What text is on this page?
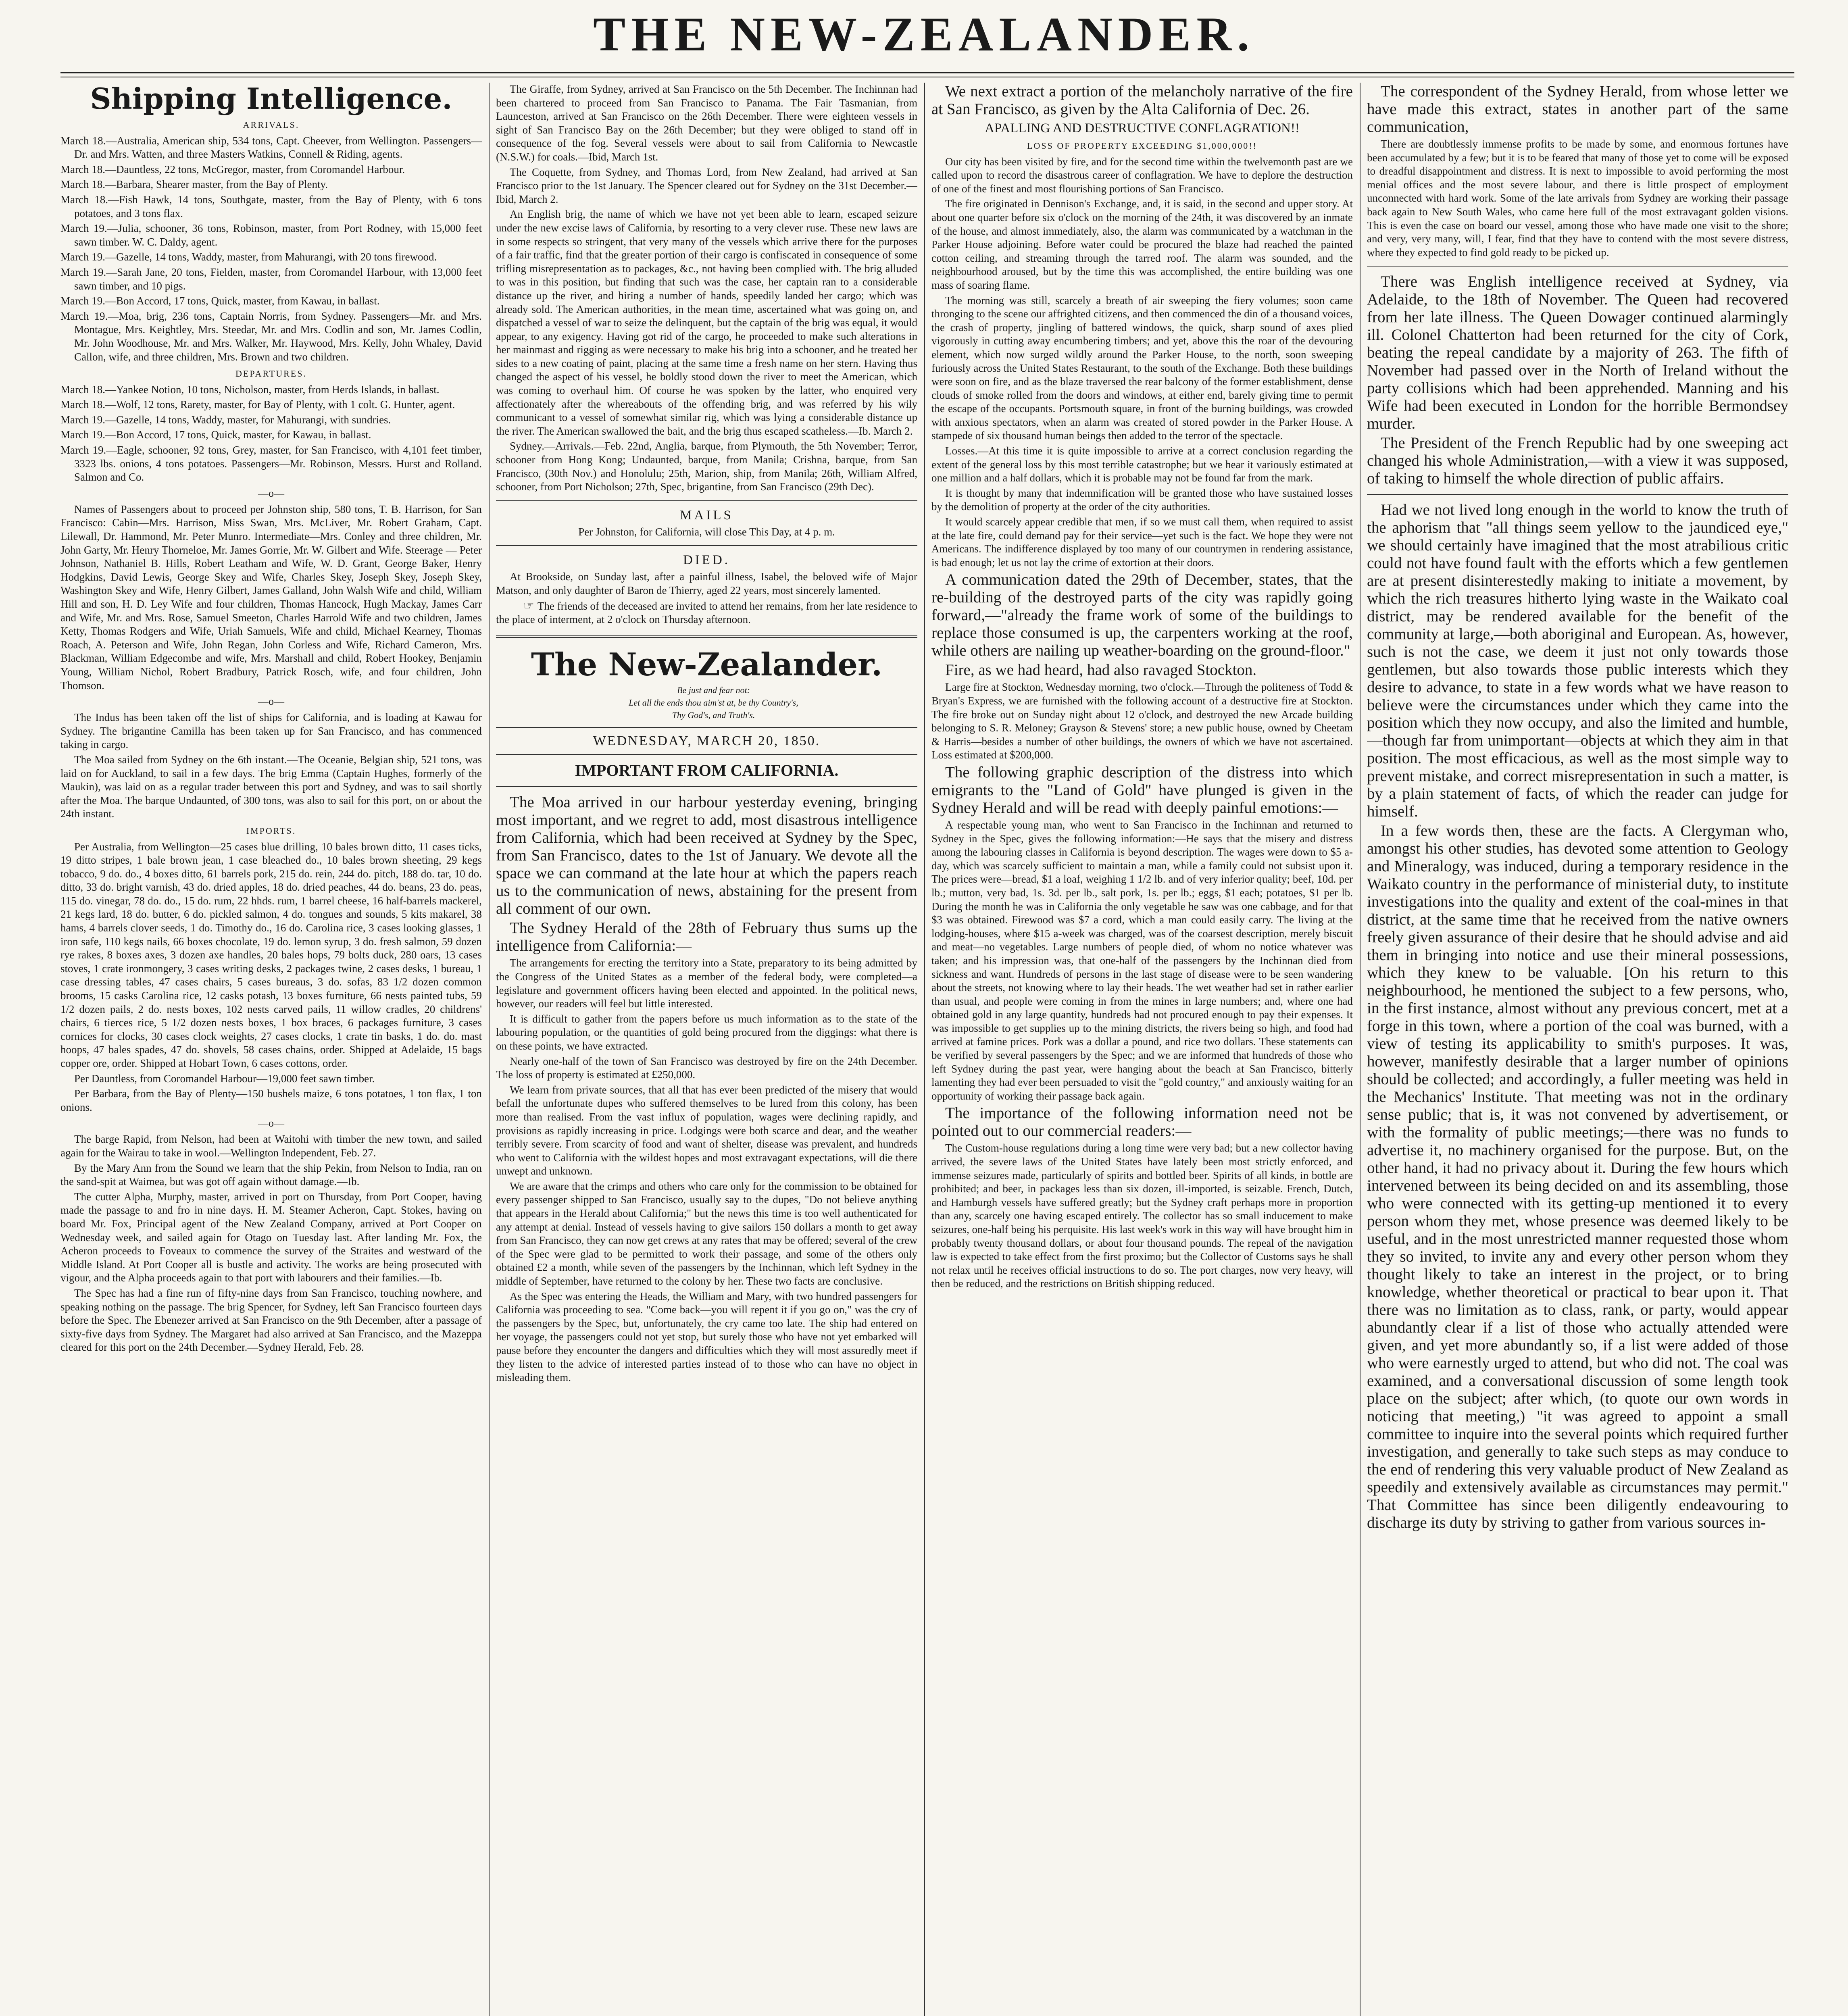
THE NEW-ZEALANDER.
Shipping Intelligence.
ARRIVALS.

March 18.—Australia, American ship, 534 tons, Capt. Cheever, from Wellington. Passengers—Dr. and Mrs. Watten, and three Masters Watkins, Connell & Riding, agents.

March 18.—Dauntless, 22 tons, McGregor, master, from Coromandel Harbour.

March 18.—Barbara, Shearer master, from the Bay of Plenty.

March 18.—Fish Hawk, 14 tons, Southgate, master, from the Bay of Plenty, with 6 tons potatoes, and 3 tons flax.

March 19.—Julia, schooner, 36 tons, Robinson, master, from Port Rodney, with 15,000 feet sawn timber. W. C. Daldy, agent.

March 19.—Gazelle, 14 tons, Waddy, master, from Mahurangi, with 20 tons firewood.

March 19.—Sarah Jane, 20 tons, Fielden, master, from Coromandel Harbour, with 13,000 feet sawn timber, and 10 pigs.

March 19.—Bon Accord, 17 tons, Quick, master, from Kawau, in ballast.

March 19.—Moa, brig, 236 tons, Captain Norris, from Sydney. Passengers—Mr. and Mrs. Montague, Mrs. Keightley, Mrs. Steedar, Mr. and Mrs. Codlin and son, Mr. James Codlin, Mr. John Woodhouse, Mr. and Mrs. Walker, Mr. Haywood, Mrs. Kelly, John Whaley, David Callon, wife, and three children, Mrs. Brown and two children.

DEPARTURES.

March 18.—Yankee Notion, 10 tons, Nicholson, master, from Herds Islands, in ballast.

March 18.—Wolf, 12 tons, Rarety, master, for Bay of Plenty, with 1 colt. G. Hunter, agent.

March 19.—Gazelle, 14 tons, Waddy, master, for Mahurangi, with sundries.

March 19.—Bon Accord, 17 tons, Quick, master, for Kawau, in ballast.

March 19.—Eagle, schooner, 92 tons, Grey, master, for San Francisco, with 4,101 feet timber, 3323 lbs. onions, 4 tons potatoes. Passengers—Mr. Robinson, Messrs. Hurst and Rolland. Salmon and Co.

—o—

Names of Passengers about to proceed per Johnston ship, 580 tons, T. B. Harrison, for San Francisco: Cabin—Mrs. Harrison, Miss Swan, Mrs. McLiver, Mr. Robert Graham, Capt. Lilewall, Dr. Hammond, Mr. Peter Munro. Intermediate—Mrs. Conley and three children, Mr. John Garty, Mr. Henry Thorneloe, Mr. James Gorrie, Mr. W. Gilbert and Wife. Steerage — Peter Johnson, Nathaniel B. Hills, Robert Leatham and Wife, W. D. Grant, George Baker, Henry Hodgkins, David Lewis, George Skey and Wife, Charles Skey, Joseph Skey, Joseph Skey, Washington Skey and Wife, Henry Gilbert, James Galland, John Walsh Wife and child, William Hill and son, H. D. Ley Wife and four children, Thomas Hancock, Hugh Mackay, James Carr and Wife, Mr. and Mrs. Rose, Samuel Smeeton, Charles Harrold Wife and two children, James Ketty, Thomas Rodgers and Wife, Uriah Samuels, Wife and child, Michael Kearney, Thomas Roach, A. Peterson and Wife, John Regan, John Corless and Wife, Richard Cameron, Mrs. Blackman, William Edgecombe and wife, Mrs. Marshall and child, Robert Hookey, Benjamin Young, William Nichol, Robert Bradbury, Patrick Rosch, wife, and four children, John Thomson.

—o—

The Indus has been taken off the list of ships for California, and is loading at Kawau for Sydney. The brigantine Camilla has been taken up for San Francisco, and has commenced taking in cargo.

The Moa sailed from Sydney on the 6th instant.—The Oceanie, Belgian ship, 521 tons, was laid on for Auckland, to sail in a few days. The brig Emma (Captain Hughes, formerly of the Maukin), was laid on as a regular trader between this port and Sydney, and was to sail shortly after the Moa. The barque Undaunted, of 300 tons, was also to sail for this port, on or about the 24th instant.

IMPORTS.

Per Australia, from Wellington—25 cases blue drilling, 10 bales brown ditto, 11 cases ticks, 19 ditto stripes, 1 bale brown jean, 1 case bleached do., 10 bales brown sheeting, 29 kegs tobacco, 9 do. do., 4 boxes ditto, 61 barrels pork, 215 do. rein, 244 do. pitch, 188 do. tar, 10 do. ditto, 33 do. bright varnish, 43 do. dried apples, 18 do. dried peaches, 44 do. beans, 23 do. peas, 115 do. vinegar, 78 do. do., 15 do. rum, 22 hhds. rum, 1 barrel cheese, 16 half-barrels mackerel, 21 kegs lard, 18 do. butter, 6 do. pickled salmon, 4 do. tongues and sounds, 5 kits makarel, 38 hams, 4 barrels clover seeds, 1 do. Timothy do., 16 do. Carolina rice, 3 cases looking glasses, 1 iron safe, 110 kegs nails, 66 boxes chocolate, 19 do. lemon syrup, 3 do. fresh salmon, 59 dozen rye rakes, 8 boxes axes, 3 dozen axe handles, 20 bales hops, 79 bolts duck, 280 oars, 13 cases stoves, 1 crate ironmongery, 3 cases writing desks, 2 packages twine, 2 cases desks, 1 bureau, 1 case dressing tables, 47 cases chairs, 5 cases bureaus, 3 do. sofas, 83 1/2 dozen common brooms, 15 casks Carolina rice, 12 casks potash, 13 boxes furniture, 66 nests painted tubs, 59 1/2 dozen pails, 2 do. nests boxes, 102 nests carved pails, 11 willow cradles, 20 childrens' chairs, 6 tierces rice, 5 1/2 dozen nests boxes, 1 box braces, 6 packages furniture, 3 cases cornices for clocks, 30 cases clock weights, 27 cases clocks, 1 crate tin basks, 1 do. do. mast hoops, 47 bales spades, 47 do. shovels, 58 cases chains, order. Shipped at Adelaide, 15 bags copper ore, order. Shipped at Hobart Town, 6 cases cottons, order.

Per Dauntless, from Coromandel Harbour—19,000 feet sawn timber.

Per Barbara, from the Bay of Plenty—150 bushels maize, 6 tons potatoes, 1 ton flax, 1 ton onions.

—o—

The barge Rapid, from Nelson, had been at Waitohi with timber the new town, and sailed again for the Wairau to take in wool.—Wellington Independent, Feb. 27.

By the Mary Ann from the Sound we learn that the ship Pekin, from Nelson to India, ran on the sand-spit at Waimea, but was got off again without damage.—Ib.

The cutter Alpha, Murphy, master, arrived in port on Thursday, from Port Cooper, having made the passage to and fro in nine days. H. M. Steamer Acheron, Capt. Stokes, having on board Mr. Fox, Principal agent of the New Zealand Company, arrived at Port Cooper on Wednesday week, and sailed again for Otago on Tuesday last. After landing Mr. Fox, the Acheron proceeds to Foveaux to commence the survey of the Straites and westward of the Middle Island. At Port Cooper all is bustle and activity. The works are being prosecuted with vigour, and the Alpha proceeds again to that port with labourers and their families.—Ib.

The Spec has had a fine run of fifty-nine days from San Francisco, touching nowhere, and speaking nothing on the passage. The brig Spencer, for Sydney, left San Francisco fourteen days before the Spec. The Ebenezer arrived at San Francisco on the 9th December, after a passage of sixty-five days from Sydney. The Margaret had also arrived at San Francisco, and the Mazeppa cleared for this port on the 24th December.—Sydney Herald, Feb. 28.

The Giraffe, from Sydney, arrived at San Francisco on the 5th December. The Inchinnan had been chartered to proceed from San Francisco to Panama. The Fair Tasmanian, from Launceston, arrived at San Francisco on the 26th December. There were eighteen vessels in sight of San Francisco Bay on the 26th December; but they were obliged to stand off in consequence of the fog. Several vessels were about to sail from California to Newcastle (N.S.W.) for coals.—Ibid, March 1st.

The Coquette, from Sydney, and Thomas Lord, from New Zealand, had arrived at San Francisco prior to the 1st January. The Spencer cleared out for Sydney on the 31st December.—Ibid, March 2.

An English brig, the name of which we have not yet been able to learn, escaped seizure under the new excise laws of California, by resorting to a very clever ruse. These new laws are in some respects so stringent, that very many of the vessels which arrive there for the purposes of a fair traffic, find that the greater portion of their cargo is confiscated in consequence of some trifling misrepresentation as to packages, &c., not having been complied with. The brig alluded to was in this position, but finding that such was the case, her captain ran to a considerable distance up the river, and hiring a number of hands, speedily landed her cargo; which was already sold. The American authorities, in the mean time, ascertained what was going on, and dispatched a vessel of war to seize the delinquent, but the captain of the brig was equal, it would appear, to any exigency. Having got rid of the cargo, he proceeded to make such alterations in her mainmast and rigging as were necessary to make his brig into a schooner, and he treated her sides to a new coating of paint, placing at the same time a fresh name on her stern. Having thus changed the aspect of his vessel, he boldly stood down the river to meet the American, which was coming to overhaul him. Of course he was spoken by the latter, who enquired very affectionately after the whereabouts of the offending brig, and was referred by his wily communicant to a vessel of somewhat similar rig, which was lying a considerable distance up the river. The American swallowed the bait, and the brig thus escaped scatheless.—Ib. March 2.

Sydney.—Arrivals.—Feb. 22nd, Anglia, barque, from Plymouth, the 5th November; Terror, schooner from Hong Kong; Undaunted, barque, from Manila; Crishna, barque, from San Francisco, (30th Nov.) and Honolulu; 25th, Marion, ship, from Manila; 26th, William Alfred, schooner, from Port Nicholson; 27th, Spec, brigantine, from San Francisco (29th Dec).

MAILS

Per Johnston, for California, will close This Day, at 4 p. m.

DIED.

At Brookside, on Sunday last, after a painful illness, Isabel, the beloved wife of Major Matson, and only daughter of Baron de Thierry, aged 22 years, most sincerely lamented.

☞ The friends of the deceased are invited to attend her remains, from her late residence to the place of interment, at 2 o'clock on Thursday afternoon.

The New-Zealander.

Be just and fear not:

Let all the ends thou aim'st at, be thy Country's,

Thy God's, and Truth's.

WEDNESDAY, MARCH 20, 1850.
IMPORTANT FROM CALIFORNIA.

The Moa arrived in our harbour yesterday evening, bringing most important, and we regret to add, most disastrous intelligence from California, which had been received at Sydney by the Spec, from San Francisco, dates to the 1st of January. We devote all the space we can command at the late hour at which the papers reach us to the communication of news, abstaining for the present from all comment of our own.

The Sydney Herald of the 28th of February thus sums up the intelligence from California:—

The arrangements for erecting the territory into a State, preparatory to its being admitted by the Congress of the United States as a member of the federal body, were completed—a legislature and government officers having been elected and appointed. In the political news, however, our readers will feel but little interested.

It is difficult to gather from the papers before us much information as to the state of the labouring population, or the quantities of gold being procured from the diggings: what there is on these points, we have extracted.

Nearly one-half of the town of San Francisco was destroyed by fire on the 24th December. The loss of property is estimated at £250,000.

We learn from private sources, that all that has ever been predicted of the misery that would befall the unfortunate dupes who suffered themselves to be lured from this colony, has been more than realised. From the vast influx of population, wages were declining rapidly, and provisions as rapidly increasing in price. Lodgings were both scarce and dear, and the weather terribly severe. From scarcity of food and want of shelter, disease was prevalent, and hundreds who went to California with the wildest hopes and most extravagant expectations, will die there unwept and unknown.

We are aware that the crimps and others who care only for the commission to be obtained for every passenger shipped to San Francisco, usually say to the dupes, "Do not believe anything that appears in the Herald about California;" but the news this time is too well authenticated for any attempt at denial. Instead of vessels having to give sailors 150 dollars a month to get away from San Francisco, they can now get crews at any rates that may be offered; several of the crew of the Spec were glad to be permitted to work their passage, and some of the others only obtained £2 a month, while seven of the passengers by the Inchinnan, which left Sydney in the middle of September, have returned to the colony by her. These two facts are conclusive.

As the Spec was entering the Heads, the William and Mary, with two hundred passengers for California was proceeding to sea. "Come back—you will repent it if you go on," was the cry of the passengers by the Spec, but, unfortunately, the cry came too late. The ship had entered on her voyage, the passengers could not yet stop, but surely those who have not yet embarked will pause before they encounter the dangers and difficulties which they will most assuredly meet if they listen to the advice of interested parties instead of to those who can have no object in misleading them.

We next extract a portion of the melancholy narrative of the fire at San Francisco, as given by the Alta California of Dec. 26.

APALLING AND DESTRUCTIVE CONFLAGRATION!!
LOSS OF PROPERTY EXCEEDING $1,000,000!!

Our city has been visited by fire, and for the second time within the twelvemonth past are we called upon to record the disastrous career of conflagration. We have to deplore the destruction of one of the finest and most flourishing portions of San Francisco.

The fire originated in Dennison's Exchange, and, it is said, in the second and upper story. At about one quarter before six o'clock on the morning of the 24th, it was discovered by an inmate of the house, and almost immediately, also, the alarm was communicated by a watchman in the Parker House adjoining. Before water could be procured the blaze had reached the painted cotton ceiling, and streaming through the tarred roof. The alarm was sounded, and the neighbourhood aroused, but by the time this was accomplished, the entire building was one mass of soaring flame.

The morning was still, scarcely a breath of air sweeping the fiery volumes; soon came thronging to the scene our affrighted citizens, and then commenced the din of a thousand voices, the crash of property, jingling of battered windows, the quick, sharp sound of axes plied vigorously in cutting away encumbering timbers; and yet, above this the roar of the devouring element, which now surged wildly around the Parker House, to the north, soon sweeping furiously across the United States Restaurant, to the south of the Exchange. Both these buildings were soon on fire, and as the blaze traversed the rear balcony of the former establishment, dense clouds of smoke rolled from the doors and windows, at either end, barely giving time to permit the escape of the occupants. Portsmouth square, in front of the burning buildings, was crowded with anxious spectators, when an alarm was created of stored powder in the Parker House. A stampede of six thousand human beings then added to the terror of the spectacle.

Losses.—At this time it is quite impossible to arrive at a correct conclusion regarding the extent of the general loss by this most terrible catastrophe; but we hear it variously estimated at one million and a half dollars, which it is probable may not be found far from the mark.

It is thought by many that indemnification will be granted those who have sustained losses by the demolition of property at the order of the city authorities.

It would scarcely appear credible that men, if so we must call them, when required to assist at the late fire, could demand pay for their service—yet such is the fact. We hope they were not Americans. The indifference displayed by too many of our countrymen in rendering assistance, is bad enough; let us not lay the crime of extortion at their doors.

A communication dated the 29th of December, states, that the re-building of the destroyed parts of the city was rapidly going forward,—"already the frame work of some of the buildings to replace those consumed is up, the carpenters working at the roof, while others are nailing up weather-boarding on the ground-floor."

Fire, as we had heard, had also ravaged Stockton.

Large fire at Stockton, Wednesday morning, two o'clock.—Through the politeness of Todd & Bryan's Express, we are furnished with the following account of a destructive fire at Stockton. The fire broke out on Sunday night about 12 o'clock, and destroyed the new Arcade building belonging to S. R. Meloney; Grayson & Stevens' store; a new public house, owned by Cheetam & Harris—besides a number of other buildings, the owners of which we have not ascertained. Loss estimated at $200,000.

The following graphic description of the distress into which emigrants to the "Land of Gold" have plunged is given in the Sydney Herald and will be read with deeply painful emotions:—

A respectable young man, who went to San Francisco in the Inchinnan and returned to Sydney in the Spec, gives the following information:—He says that the misery and distress among the labouring classes in California is beyond description. The wages were down to $5 a-day, which was scarcely sufficient to maintain a man, while a family could not subsist upon it. The prices were—bread, $1 a loaf, weighing 1 1/2 lb. and of very inferior quality; beef, 10d. per lb.; mutton, very bad, 1s. 3d. per lb., salt pork, 1s. per lb.; eggs, $1 each; potatoes, $1 per lb. During the month he was in California the only vegetable he saw was one cabbage, and for that $3 was obtained. Firewood was $7 a cord, which a man could easily carry. The living at the lodging-houses, where $15 a-week was charged, was of the coarsest description, merely biscuit and meat—no vegetables. Large numbers of people died, of whom no notice whatever was taken; and his impression was, that one-half of the passengers by the Inchinnan died from sickness and want. Hundreds of persons in the last stage of disease were to be seen wandering about the streets, not knowing where to lay their heads. The wet weather had set in rather earlier than usual, and people were coming in from the mines in large numbers; and, where one had obtained gold in any large quantity, hundreds had not procured enough to pay their expenses. It was impossible to get supplies up to the mining districts, the rivers being so high, and food had arrived at famine prices. Pork was a dollar a pound, and rice two dollars. These statements can be verified by several passengers by the Spec; and we are informed that hundreds of those who left Sydney during the past year, were hanging about the beach at San Francisco, bitterly lamenting they had ever been persuaded to visit the "gold country," and anxiously waiting for an opportunity of working their passage back again.

The importance of the following information need not be pointed out to our commercial readers:—

The Custom-house regulations during a long time were very bad; but a new collector having arrived, the severe laws of the United States have lately been most strictly enforced, and immense seizures made, particularly of spirits and bottled beer. Spirits of all kinds, in bottle are prohibited; and beer, in packages less than six dozen, ill-imported, is seizable. French, Dutch, and Hamburgh vessels have suffered greatly; but the Sydney craft perhaps more in proportion than any, scarcely one having escaped entirely. The collector has so small inducement to make seizures, one-half being his perquisite. His last week's work in this way will have brought him in probably twenty thousand dollars, or about four thousand pounds. The repeal of the navigation law is expected to take effect from the first proximo; but the Collector of Customs says he shall not relax until he receives official instructions to do so. The port charges, now very heavy, will then be reduced, and the restrictions on British shipping reduced.

The correspondent of the Sydney Herald, from whose letter we have made this extract, states in another part of the same communication,

There are doubtlessly immense profits to be made by some, and enormous fortunes have been accumulated by a few; but it is to be feared that many of those yet to come will be exposed to dreadful disappointment and distress. It is next to impossible to avoid performing the most menial offices and the most severe labour, and there is little prospect of employment unconnected with hard work. Some of the late arrivals from Sydney are working their passage back again to New South Wales, who came here full of the most extravagant golden visions. This is even the case on board our vessel, among those who have made one visit to the shore; and very, very many, will, I fear, find that they have to contend with the most severe distress, where they expected to find gold ready to be picked up.

There was English intelligence received at Sydney, via Adelaide, to the 18th of November. The Queen had recovered from her late illness. The Queen Dowager continued alarmingly ill. Colonel Chatterton had been returned for the city of Cork, beating the repeal candidate by a majority of 263. The fifth of November had passed over in the North of Ireland without the party collisions which had been apprehended. Manning and his Wife had been executed in London for the horrible Bermondsey murder.

The President of the French Republic had by one sweeping act changed his whole Administration,—with a view it was supposed, of taking to himself the whole direction of public affairs.

Had we not lived long enough in the world to know the truth of the aphorism that "all things seem yellow to the jaundiced eye," we should certainly have imagined that the most atrabilious critic could not have found fault with the efforts which a few gentlemen are at present disinterestedly making to initiate a movement, by which the rich treasures hitherto lying waste in the Waikato coal district, may be rendered available for the benefit of the community at large,—both aboriginal and European. As, however, such is not the case, we deem it just not only towards those gentlemen, but also towards those public interests which they desire to advance, to state in a few words what we have reason to believe were the circumstances under which they came into the position which they now occupy, and also the limited and humble,—though far from unimportant—objects at which they aim in that position. The most efficacious, as well as the most simple way to prevent mistake, and correct misrepresentation in such a matter, is by a plain statement of facts, of which the reader can judge for himself.

In a few words then, these are the facts. A Clergyman who, amongst his other studies, has devoted some attention to Geology and Mineralogy, was induced, during a temporary residence in the Waikato country in the performance of ministerial duty, to institute investigations into the quality and extent of the coal-mines in that district, at the same time that he received from the native owners freely given assurance of their desire that he should advise and aid them in bringing into notice and use their mineral possessions, which they knew to be valuable. [On his return to this neighbourhood, he mentioned the subject to a few persons, who, in the first instance, almost without any previous concert, met at a forge in this town, where a portion of the coal was burned, with a view of testing its applicability to smith's purposes. It was, however, manifestly desirable that a larger number of opinions should be collected; and accordingly, a fuller meeting was held in the Mechanics' Institute. That meeting was not in the ordinary sense public; that is, it was not convened by advertisement, or with the formality of public meetings;—there was no funds to advertise it, no machinery organised for the purpose. But, on the other hand, it had no privacy about it. During the few hours which intervened between its being decided on and its assembling, those who were connected with its getting-up mentioned it to every person whom they met, whose presence was deemed likely to be useful, and in the most unrestricted manner requested those whom they so invited, to invite any and every other person whom they thought likely to take an interest in the project, or to bring knowledge, whether theoretical or practical to bear upon it. That there was no limitation as to class, rank, or party, would appear abundantly clear if a list of those who actually attended were given, and yet more abundantly so, if a list were added of those who were earnestly urged to attend, but who did not. The coal was examined, and a conversational discussion of some length took place on the subject; after which, (to quote our own words in noticing that meeting,) "it was agreed to appoint a small committee to inquire into the several points which required further investigation, and generally to take such steps as may conduce to the end of rendering this very valuable product of New Zealand as speedily and extensively available as circumstances may permit." That Committee has since been diligently endeavouring to discharge its duty by striving to gather from various sources in-
